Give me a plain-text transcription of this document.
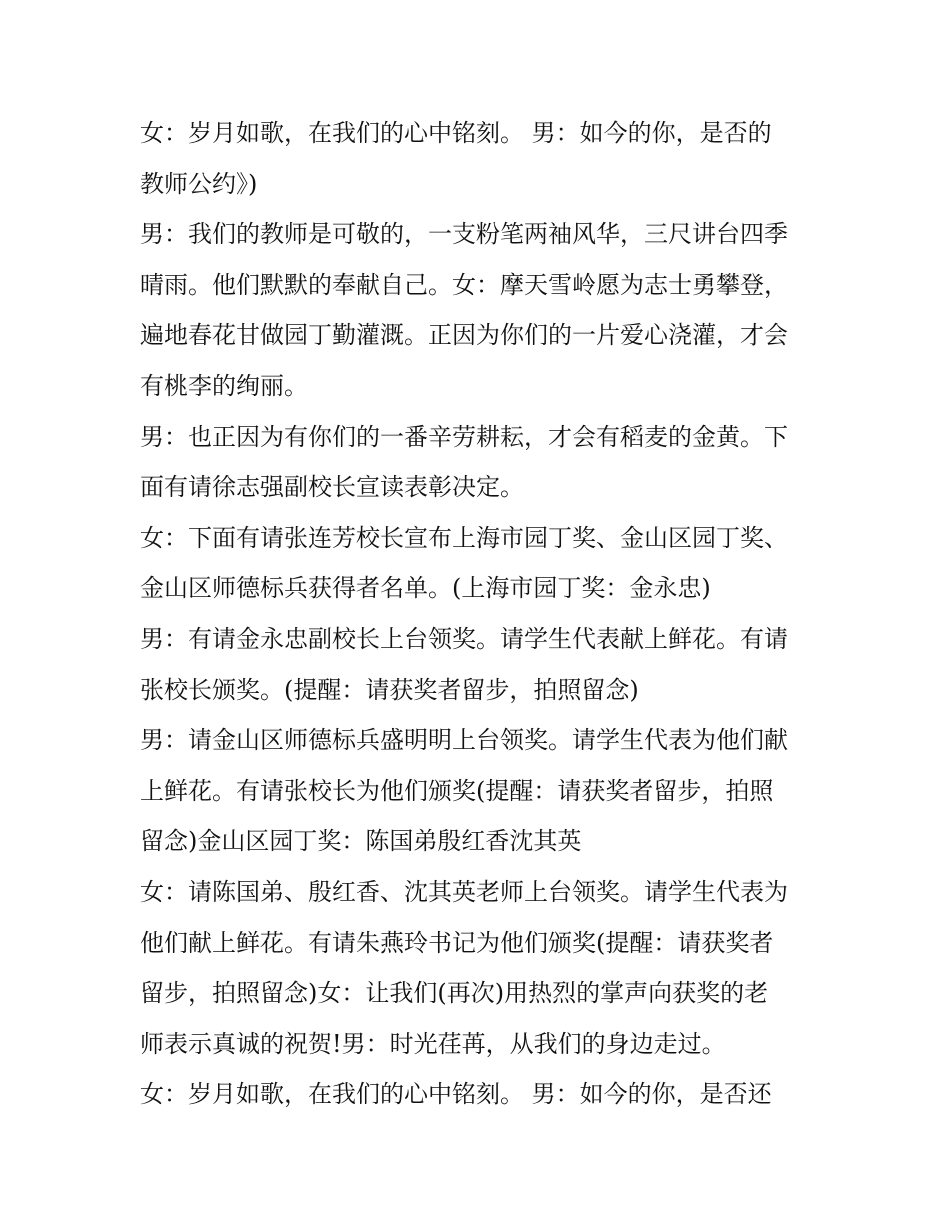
女：岁月如歌，在我们的心中铭刻。 男：如今的你，是否的
教师公约》)
男：我们的教师是可敬的，一支粉笔两袖风华，三尺讲台四季
晴雨。他们默默的奉献自己。女：摩天雪岭愿为志士勇攀登，
遍地春花甘做园丁勤灌溉。正因为你们的一片爱心浇灌，才会
有桃李的绚丽。
男：也正因为有你们的一番辛劳耕耘，才会有稻麦的金黄。下
面有请徐志强副校长宣读表彰决定。
女：下面有请张连芳校长宣布上海市园丁奖、金山区园丁奖、
金山区师德标兵获得者名单。(上海市园丁奖：金永忠)
男：有请金永忠副校长上台领奖。请学生代表献上鲜花。有请
张校长颁奖。(提醒：请获奖者留步，拍照留念)
男：请金山区师德标兵盛明明上台领奖。请学生代表为他们献
上鲜花。有请张校长为他们颁奖(提醒：请获奖者留步，拍照
留念)金山区园丁奖：陈国弟殷红香沈其英
女：请陈国弟、殷红香、沈其英老师上台领奖。请学生代表为
他们献上鲜花。有请朱燕玲书记为他们颁奖(提醒：请获奖者
留步，拍照留念)女：让我们(再次)用热烈的掌声向获奖的老
师表示真诚的祝贺!男：时光荏苒，从我们的身边走过。
女：岁月如歌，在我们的心中铭刻。 男：如今的你，是否还
